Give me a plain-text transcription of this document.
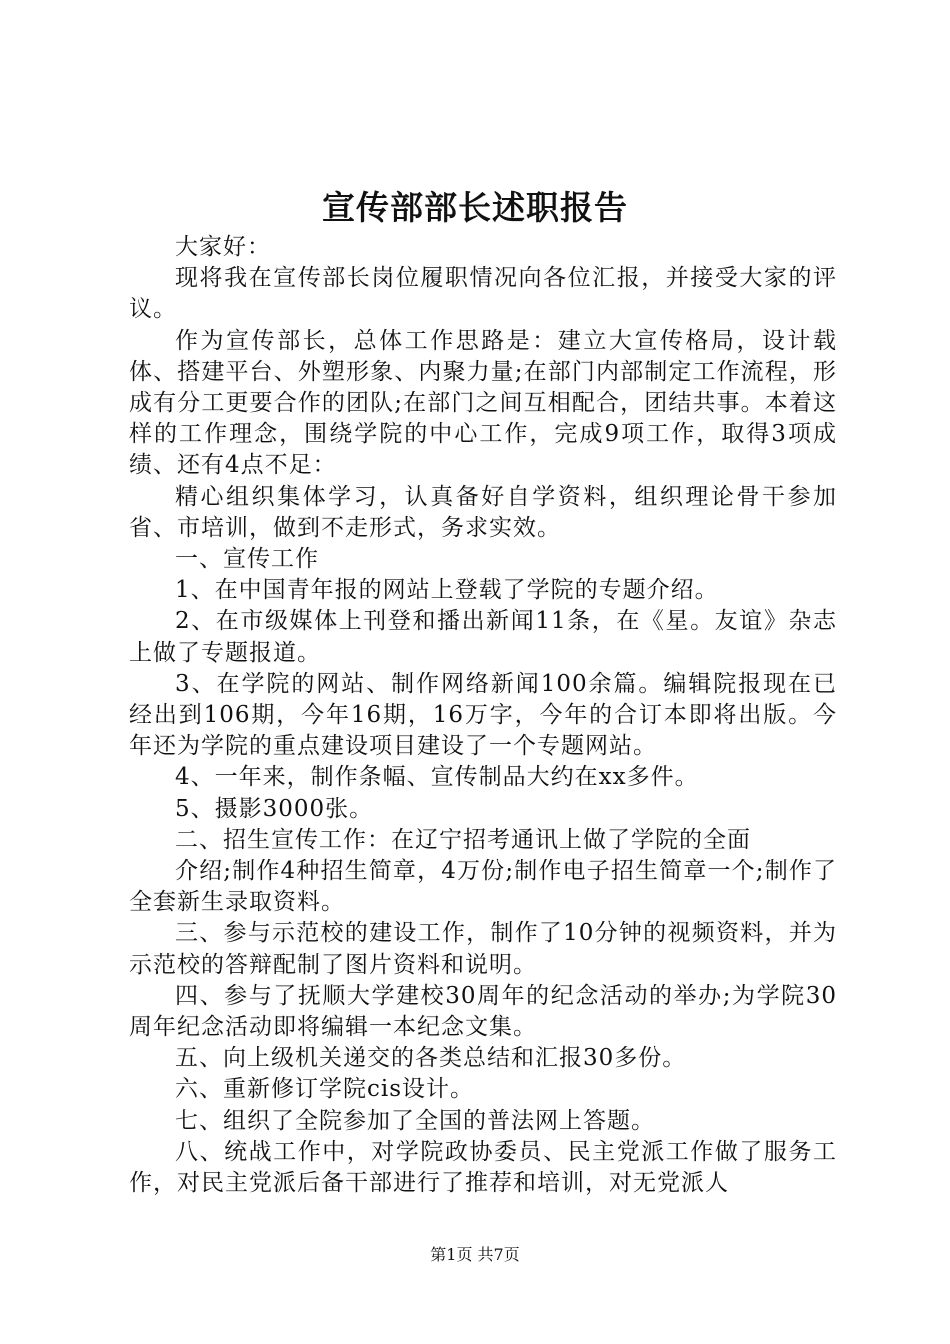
宣传部部长述职报告

大家好：

现将我在宣传部长岗位履职情况向各位汇报，并接受大家的评议。

作为宣传部长，总体工作思路是：建立大宣传格局，设计载体、搭建平台、外塑形象、内聚力量;在部门内部制定工作流程，形成有分工更要合作的团队;在部门之间互相配合，团结共事。本着这样的工作理念，围绕学院的中心工作，完成9项工作，取得3项成绩、还有4点不足：

精心组织集体学习，认真备好自学资料，组织理论骨干参加省、市培训，做到不走形式，务求实效。

一、宣传工作

1、在中国青年报的网站上登载了学院的专题介绍。

2、在市级媒体上刊登和播出新闻11条，在《星。友谊》杂志上做了专题报道。

3、在学院的网站、制作网络新闻100余篇。编辑院报现在已经出到106期，今年16期，16万字，今年的合订本即将出版。今年还为学院的重点建设项目建设了一个专题网站。

4、一年来，制作条幅、宣传制品大约在xx多件。

5、摄影3000张。

二、招生宣传工作：在辽宁招考通讯上做了学院的全面

介绍;制作4种招生简章，4万份;制作电子招生简章一个;制作了全套新生录取资料。

三、参与示范校的建设工作，制作了10分钟的视频资料，并为示范校的答辩配制了图片资料和说明。

四、参与了抚顺大学建校30周年的纪念活动的举办;为学院30周年纪念活动即将编辑一本纪念文集。

五、向上级机关递交的各类总结和汇报30多份。

六、重新修订学院cis设计。

七、组织了全院参加了全国的普法网上答题。

八、统战工作中，对学院政协委员、民主党派工作做了服务工作，对民主党派后备干部进行了推荐和培训，对无党派人

第1页 共7页
